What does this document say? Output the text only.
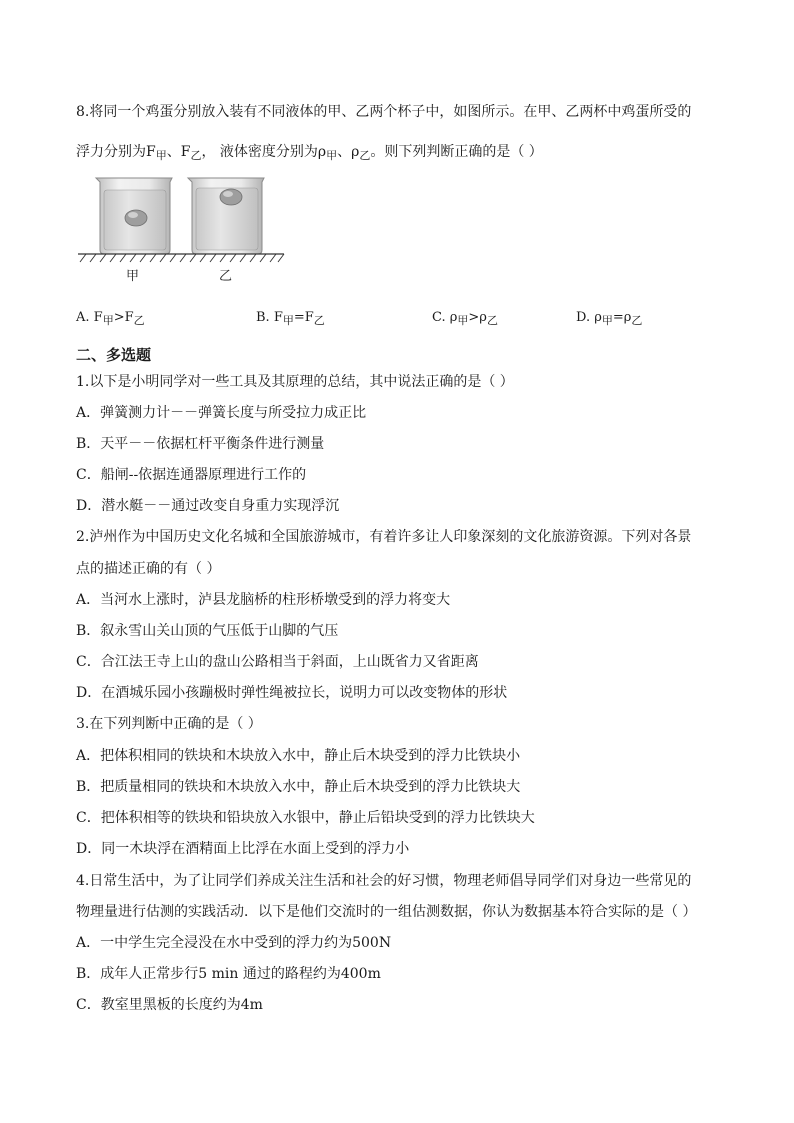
8.将同一个鸡蛋分别放入装有不同液体的甲、乙两个杯子中，如图所示。在甲、乙两杯中鸡蛋所受的
浮力分别为$F_甲$、$F_乙$， 液体密度分别为$\rho_甲$、$\rho_乙$。则下列判断正确的是（ ）
甲	乙
A. $F_甲>F_乙$	B. $F_甲=F_乙$	C. $\rho_甲>\rho_乙$	D. $\rho_甲=\rho_乙$
二、多选题
1.以下是小明同学对一些工具及其原理的总结，其中说法正确的是（ ）
A．弹簧测力计－－弹簧长度与所受拉力成正比
B．天平－－依据杠杆平衡条件进行测量
C．船闸--依据连通器原理进行工作的
D．潜水艇－－通过改变自身重力实现浮沉
2.泸州作为中国历史文化名城和全国旅游城市，有着许多让人印象深刻的文化旅游资源。下列对各景
点的描述正确的有（ ）
A．当河水上涨时，泸县龙脑桥的柱形桥墩受到的浮力将变大
B．叙永雪山关山顶的气压低于山脚的气压
C．合江法王寺上山的盘山公路相当于斜面，上山既省力又省距离
D．在酒城乐园小孩蹦极时弹性绳被拉长，说明力可以改变物体的形状
3.在下列判断中正确的是（ ）
A．把体积相同的铁块和木块放入水中，静止后木块受到的浮力比铁块小
B．把质量相同的铁块和木块放入水中，静止后木块受到的浮力比铁块大
C．把体积相等的铁块和铅块放入水银中，静止后铅块受到的浮力比铁块大
D．同一木块浮在酒精面上比浮在水面上受到的浮力小
4.日常生活中，为了让同学们养成关注生活和社会的好习惯，物理老师倡导同学们对身边一些常见的
物理量进行估测的实践活动．以下是他们交流时的一组估测数据，你认为数据基本符合实际的是（ ）
A．一中学生完全浸没在水中受到的浮力约为500N
B．成年人正常步行5 min 通过的路程约为400m
C．教室里黑板的长度约为4m
